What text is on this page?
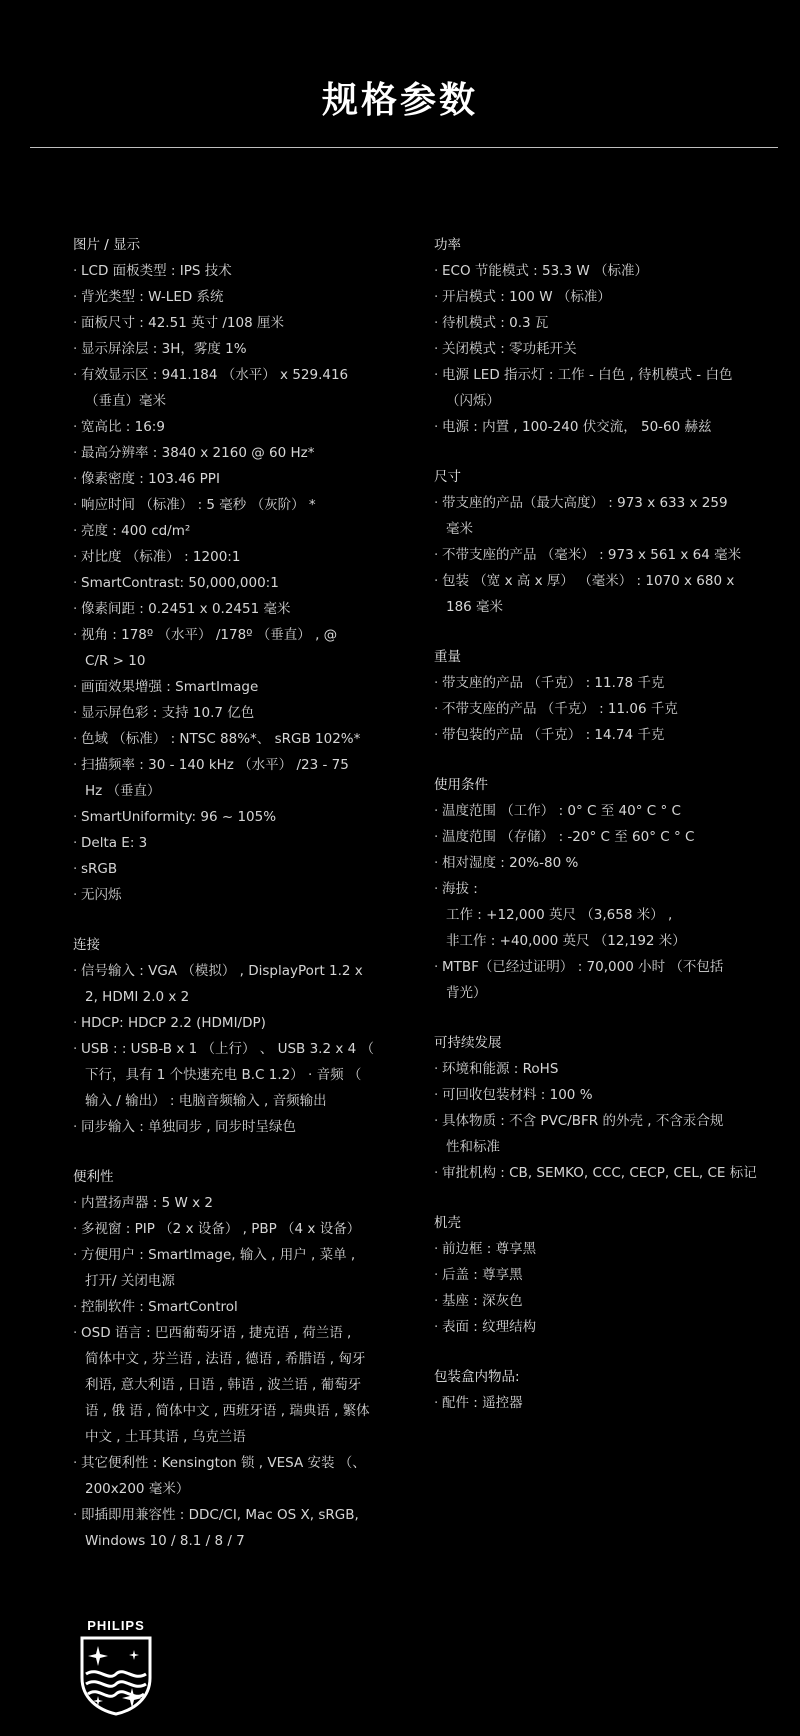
规格参数
图片 / 显示
· LCD 面板类型 : IPS 技术
· 背光类型 : W-LED 系统
· 面板尺寸 : 42.51 英寸 /108 厘米
· 显示屏涂层 : 3H，雾度 1%
· 有效显示区 : 941.184 （水平） x 529.416
（垂直）毫米
· 宽高比 : 16:9
· 最高分辨率 : 3840 x 2160 @ 60 Hz*
· 像素密度 : 103.46 PPI
· 响应时间 （标准） : 5 毫秒 （灰阶） *
· 亮度 : 400 cd/m²
· 对比度 （标准） : 1200:1
· SmartContrast: 50,000,000:1
· 像素间距 : 0.2451 x 0.2451 毫米
· 视角 : 178º （水平） /178º （垂直） , @
C/R > 10
· 画面效果增强 : SmartImage
· 显示屏色彩 : 支持 10.7 亿色
· 色域 （标准） : NTSC 88%*、 sRGB 102%*
· 扫描频率 : 30 - 140 kHz （水平） /23 - 75
Hz （垂直）
· SmartUniformity: 96 ~ 105%
· Delta E: 3
· sRGB
· 无闪烁
连接
· 信号输入 : VGA （模拟） , DisplayPort 1.2 x
2, HDMI 2.0 x 2
· HDCP: HDCP 2.2 (HDMI/DP)
· USB : : USB-B x 1 （上行） 、 USB 3.2 x 4 （
下行，具有 1 个快速充电 B.C 1.2） · 音频 （
输入 / 输出） : 电脑音频输入 , 音频输出
· 同步输入 : 单独同步 , 同步时呈绿色
便利性
· 内置扬声器 : 5 W x 2
· 多视窗 : PIP （2 x 设备） , PBP （4 x 设备）
· 方便用户 : SmartImage, 输入 , 用户 , 菜单 ,
打开/ 关闭电源
· 控制软件 : SmartControl
· OSD 语言 : 巴西葡萄牙语 , 捷克语 , 荷兰语 ,
简体中文 , 芬兰语 , 法语 , 德语 , 希腊语 , 匈牙
利语, 意大利语 , 日语 , 韩语 , 波兰语 , 葡萄牙
语 , 俄 语 , 简体中文 , 西班牙语 , 瑞典语 , 繁体
中文 , 土耳其语 , 乌克兰语
· 其它便利性 : Kensington 锁 , VESA 安装 （、
200x200 毫米）
· 即插即用兼容性 : DDC/CI, Mac OS X, sRGB,
Windows 10 / 8.1 / 8 / 7
功率
· ECO 节能模式 : 53.3 W （标准）
· 开启模式 : 100 W （标准）
· 待机模式 : 0.3 瓦
· 关闭模式 : 零功耗开关
· 电源 LED 指示灯 : 工作 - 白色 , 待机模式 - 白色
（闪烁）
· 电源 : 内置 , 100-240 伏交流， 50-60 赫兹
尺寸
· 带支座的产品（最大高度） : 973 x 633 x 259
毫米
· 不带支座的产品 （毫米） : 973 x 561 x 64 毫米
· 包装 （宽 x 高 x 厚） （毫米） : 1070 x 680 x
186 毫米
重量
· 带支座的产品 （千克） : 11.78 千克
· 不带支座的产品 （千克） : 11.06 千克
· 带包装的产品 （千克） : 14.74 千克
使用条件
· 温度范围 （工作） : 0° C 至 40° C ° C
· 温度范围 （存储） : -20° C 至 60° C ° C
· 相对湿度 : 20%-80 %
· 海拔 :
工作 : +12,000 英尺 （3,658 米） ,
非工作 : +40,000 英尺 （12,192 米）
· MTBF（已经过证明） : 70,000 小时 （不包括
背光）
可持续发展
· 环境和能源 : RoHS
· 可回收包装材料 : 100 %
· 具体物质 : 不含 PVC/BFR 的外壳 , 不含汞合规
性和标准
· 审批机构 : CB, SEMKO, CCC, CECP, CEL, CE 标记
机壳
· 前边框 : 尊享黑
· 后盖 : 尊享黑
· 基座 : 深灰色
· 表面 : 纹理结构
包装盒内物品:
· 配件 : 遥控器
PHILIPS
